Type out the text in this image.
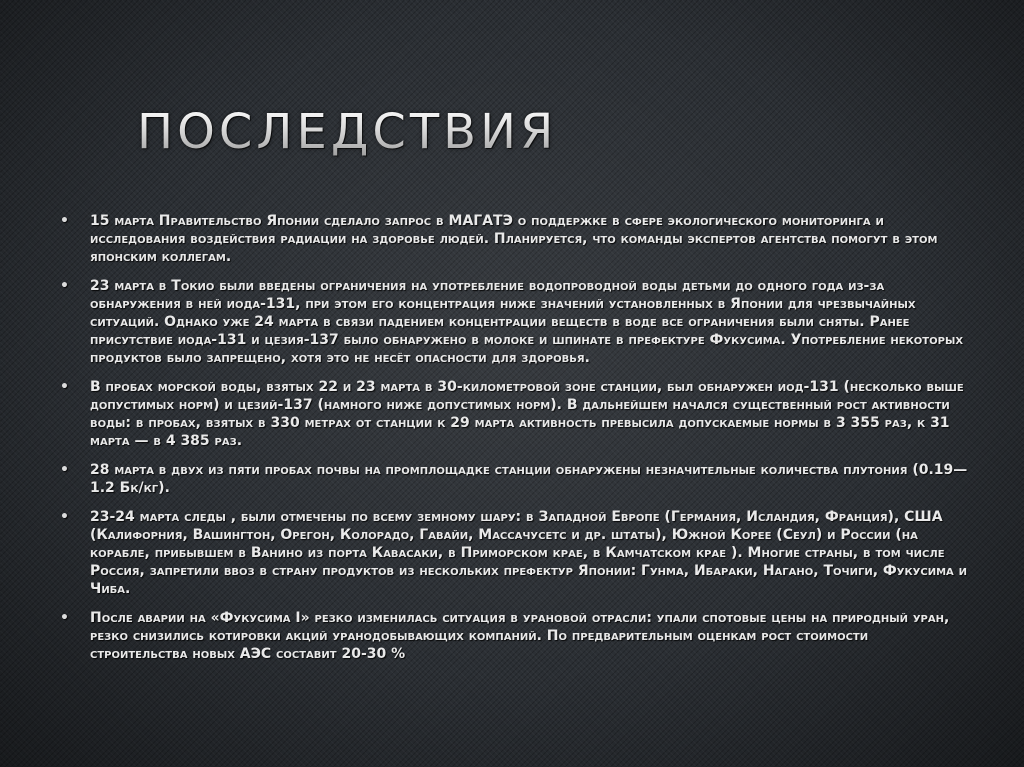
ПОСЛЕДСТВИЯ
• 15 марта Правительство Японии сделало запрос в МАГАТЭ о поддержке в сфере экологического мониторинга и исследования воздействия радиации на здоровье людей. Планируется, что команды экспертов агентства помогут в этом японским коллегам.
• 23 марта в Токио были введены ограничения на употребление водопроводной воды детьми до одного года из-за обнаружения в ней иода-131, при этом его концентрация ниже значений установленных в Японии для чрезвычайных ситуаций. Однако уже 24 марта в связи падением концентрации веществ в воде все ограничения были сняты. Ранее присутствие иода-131 и цезия-137 было обнаружено в молоке и шпинате в префектуре Фукусима. Употребление некоторых продуктов было запрещено, хотя это не несёт опасности для здоровья.
• В пробах морской воды, взятых 22 и 23 марта в 30-километровой зоне станции, был обнаружен иод-131 (несколько выше допустимых норм) и цезий-137 (намного ниже допустимых норм). В дальнейшем начался существенный рост активности воды: в пробах, взятых в 330 метрах от станции к 29 марта активность превысила допускаемые нормы в 3 355 раз, к 31 марта — в 4 385 раз.
• 28 марта в двух из пяти пробах почвы на промплощадке станции обнаружены незначительные количества плутония (0.19—1.2 Бк/кг).
• 23-24 марта следы , были отмечены по всему земному шару: в Западной Европе (Германия, Исландия, Франция), США (Калифорния, Вашингтон, Орегон, Колорадо, Гавайи, Массачусетс и др. штаты), Южной Корее (Сеул) и России (на корабле, прибывшем в Ванино из порта Кавасаки, в Приморском крае, в Камчатском крае ). Многие страны, в том числе Россия, запретили ввоз в страну продуктов из нескольких префектур Японии: Гунма, Ибараки, Нагано, Точиги, Фукусима и Чиба.
• После аварии на «Фукусима I» резко изменилась ситуация в урановой отрасли: упали спотовые цены на природный уран, резко снизились котировки акций уранодобывающих компаний. По предварительным оценкам рост стоимости строительства новых АЭС составит 20-30 %
